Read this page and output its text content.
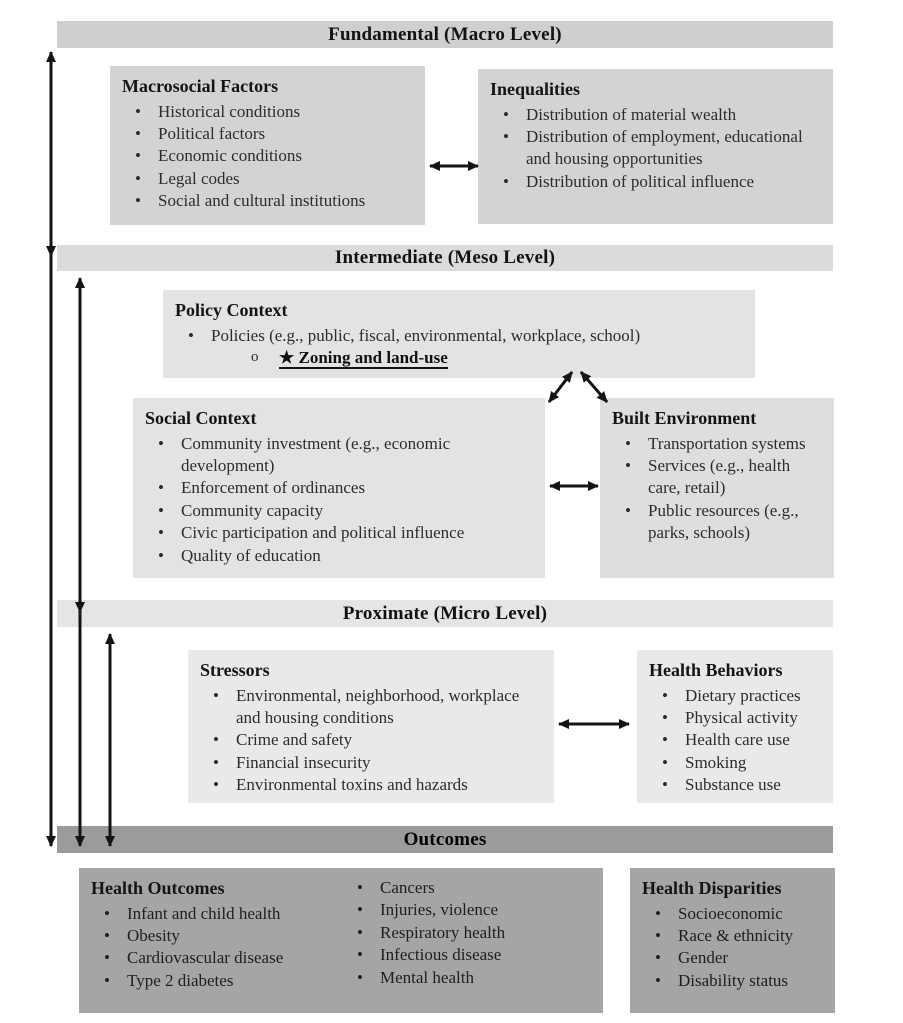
Fundamental (Macro Level)
Intermediate (Meso Level)
Proximate (Micro Level)
Outcomes
Macrosocial Factors
• Historical conditions
• Political factors
• Economic conditions
• Legal codes
• Social and cultural institutions
Inequalities
• Distribution of material wealth
• Distribution of employment, educational and housing opportunities
• Distribution of political influence
Policy Context
• Policies (e.g., public, fiscal, environmental, workplace, school)
o ★ Zoning and land-use
Social Context
• Community investment (e.g., economic development)
• Enforcement of ordinances
• Community capacity
• Civic participation and political influence
• Quality of education
Built Environment
• Transportation systems
• Services (e.g., health care, retail)
• Public resources (e.g., parks, schools)
Stressors
• Environmental, neighborhood, workplace and housing conditions
• Crime and safety
• Financial insecurity
• Environmental toxins and hazards
Health Behaviors
• Dietary practices
• Physical activity
• Health care use
• Smoking
• Substance use
Health Outcomes
• Infant and child health
• Obesity
• Cardiovascular disease
• Type 2 diabetes
• Cancers
• Injuries, violence
• Respiratory health
• Infectious disease
• Mental health
Health Disparities
• Socioeconomic
• Race & ethnicity
• Gender
• Disability status
